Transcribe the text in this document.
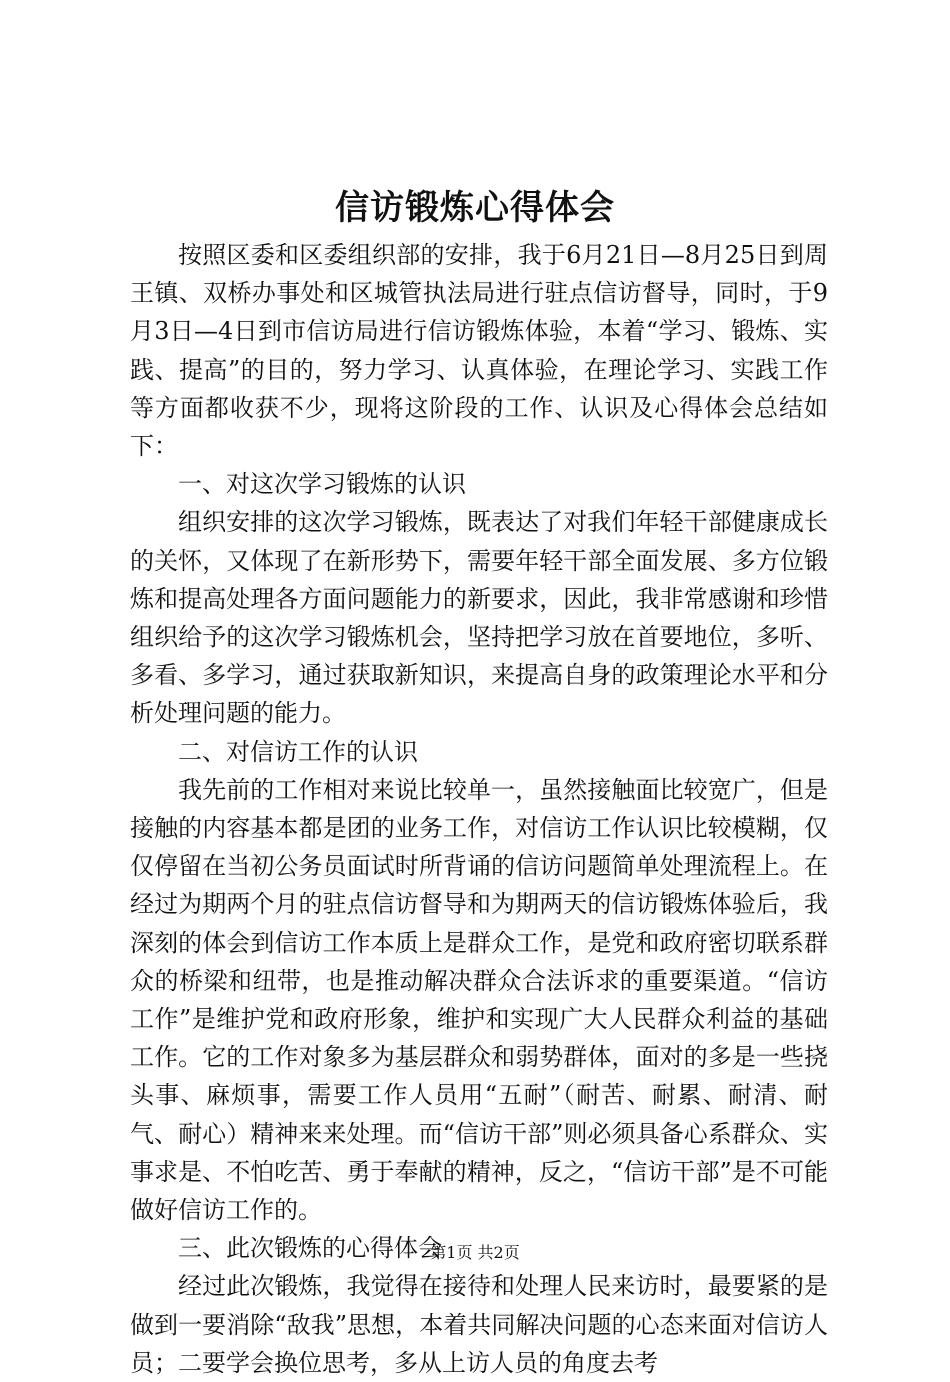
信访锻炼心得体会

按照区委和区委组织部的安排，我于6月21日—8月25日到周王镇、双桥办事处和区城管执法局进行驻点信访督导，同时，于9月3日—4日到市信访局进行信访锻炼体验，本着“学习、锻炼、实践、提高”的目的，努力学习、认真体验，在理论学习、实践工作等方面都收获不少，现将这阶段的工作、认识及心得体会总结如下：

一、对这次学习锻炼的认识

组织安排的这次学习锻炼，既表达了对我们年轻干部健康成长的关怀，又体现了在新形势下，需要年轻干部全面发展、多方位锻炼和提高处理各方面问题能力的新要求，因此，我非常感谢和珍惜组织给予的这次学习锻炼机会，坚持把学习放在首要地位，多听、多看、多学习，通过获取新知识，来提高自身的政策理论水平和分析处理问题的能力。

二、对信访工作的认识

我先前的工作相对来说比较单一，虽然接触面比较宽广，但是接触的内容基本都是团的业务工作，对信访工作认识比较模糊，仅仅停留在当初公务员面试时所背诵的信访问题简单处理流程上。在经过为期两个月的驻点信访督导和为期两天的信访锻炼体验后，我深刻的体会到信访工作本质上是群众工作，是党和政府密切联系群众的桥梁和纽带，也是推动解决群众合法诉求的重要渠道。“信访工作”是维护党和政府形象，维护和实现广大人民群众利益的基础工作。它的工作对象多为基层群众和弱势群体，面对的多是一些挠头事、麻烦事，需要工作人员用“五耐”（耐苦、耐累、耐清、耐气、耐心）精神来来处理。而“信访干部”则必须具备心系群众、实事求是、不怕吃苦、勇于奉献的精神，反之，“信访干部”是不可能做好信访工作的。

三、此次锻炼的心得体会

经过此次锻炼，我觉得在接待和处理人民来访时，最要紧的是做到一要消除“敌我”思想，本着共同解决问题的心态来面对信访人员；二要学会换位思考，多从上访人员的角度去考

第1页 共2页
